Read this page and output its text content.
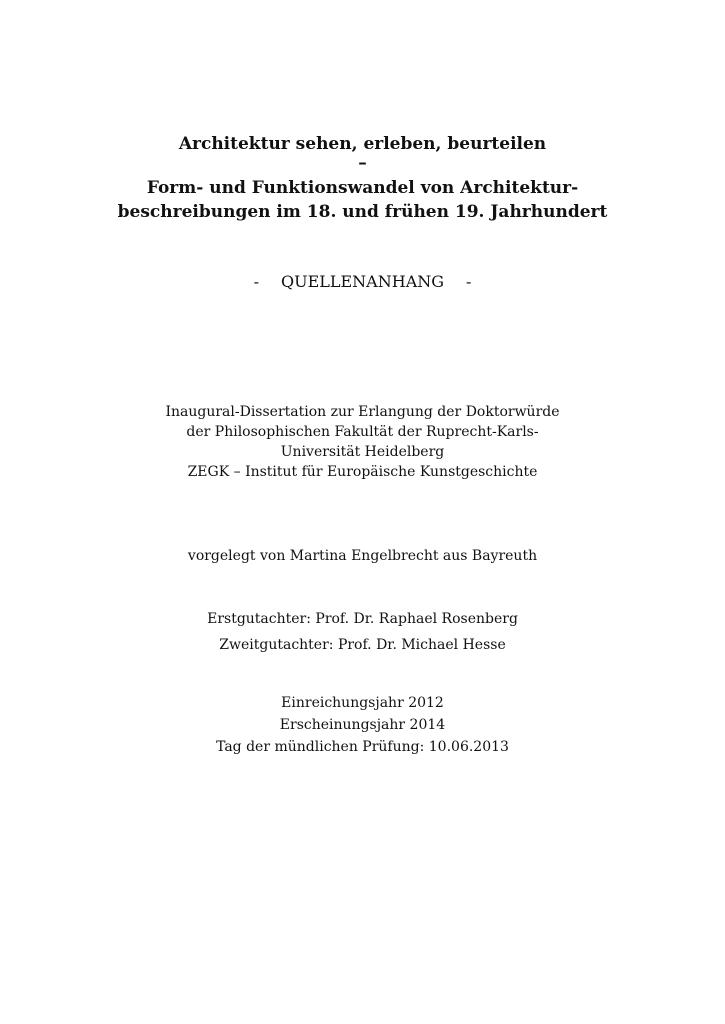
Architektur sehen, erleben, beurteilen
–
Form- und Funktionswandel von Architektur-
beschreibungen im 18. und frühen 19. Jahrhundert
- QUELLENANHANG -
Inaugural-Dissertation zur Erlangung der Doktorwürde
der Philosophischen Fakultät der Ruprecht-Karls-
Universität Heidelberg
ZEGK – Institut für Europäische Kunstgeschichte
vorgelegt von Martina Engelbrecht aus Bayreuth
Erstgutachter: Prof. Dr. Raphael Rosenberg
Zweitgutachter: Prof. Dr. Michael Hesse
Einreichungsjahr 2012
Erscheinungsjahr 2014
Tag der mündlichen Prüfung: 10.06.2013
